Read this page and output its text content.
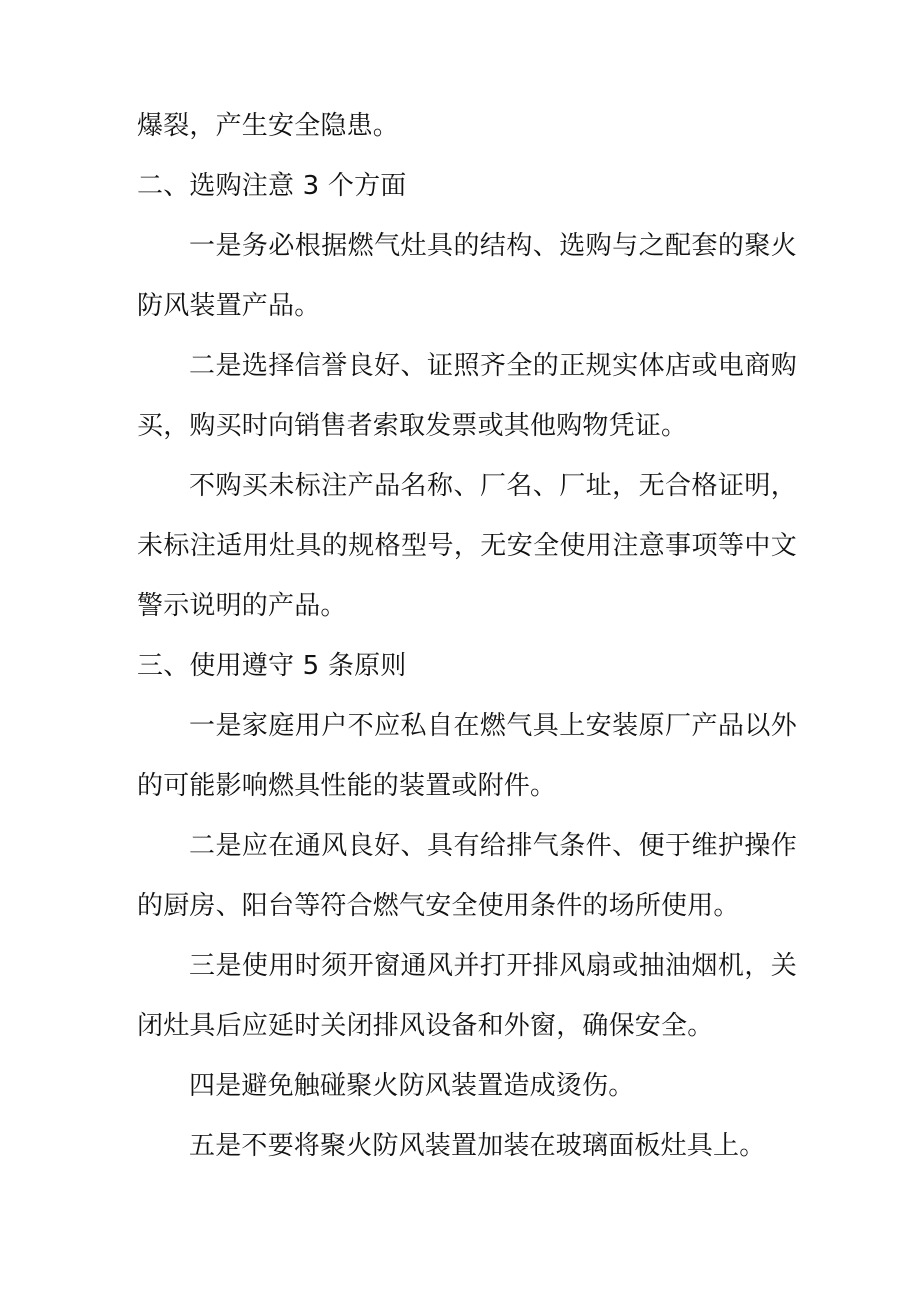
爆裂，产生安全隐患。

二、选购注意 3 个方面

一是务必根据燃气灶具的结构、选购与之配套的聚火防风装置产品。

二是选择信誉良好、证照齐全的正规实体店或电商购买，购买时向销售者索取发票或其他购物凭证。

不购买未标注产品名称、厂名、厂址，无合格证明，未标注适用灶具的规格型号，无安全使用注意事项等中文警示说明的产品。

三、使用遵守 5 条原则

一是家庭用户不应私自在燃气具上安装原厂产品以外的可能影响燃具性能的装置或附件。

二是应在通风良好、具有给排气条件、便于维护操作的厨房、阳台等符合燃气安全使用条件的场所使用。

三是使用时须开窗通风并打开排风扇或抽油烟机，关闭灶具后应延时关闭排风设备和外窗，确保安全。

四是避免触碰聚火防风装置造成烫伤。

五是不要将聚火防风装置加装在玻璃面板灶具上。
